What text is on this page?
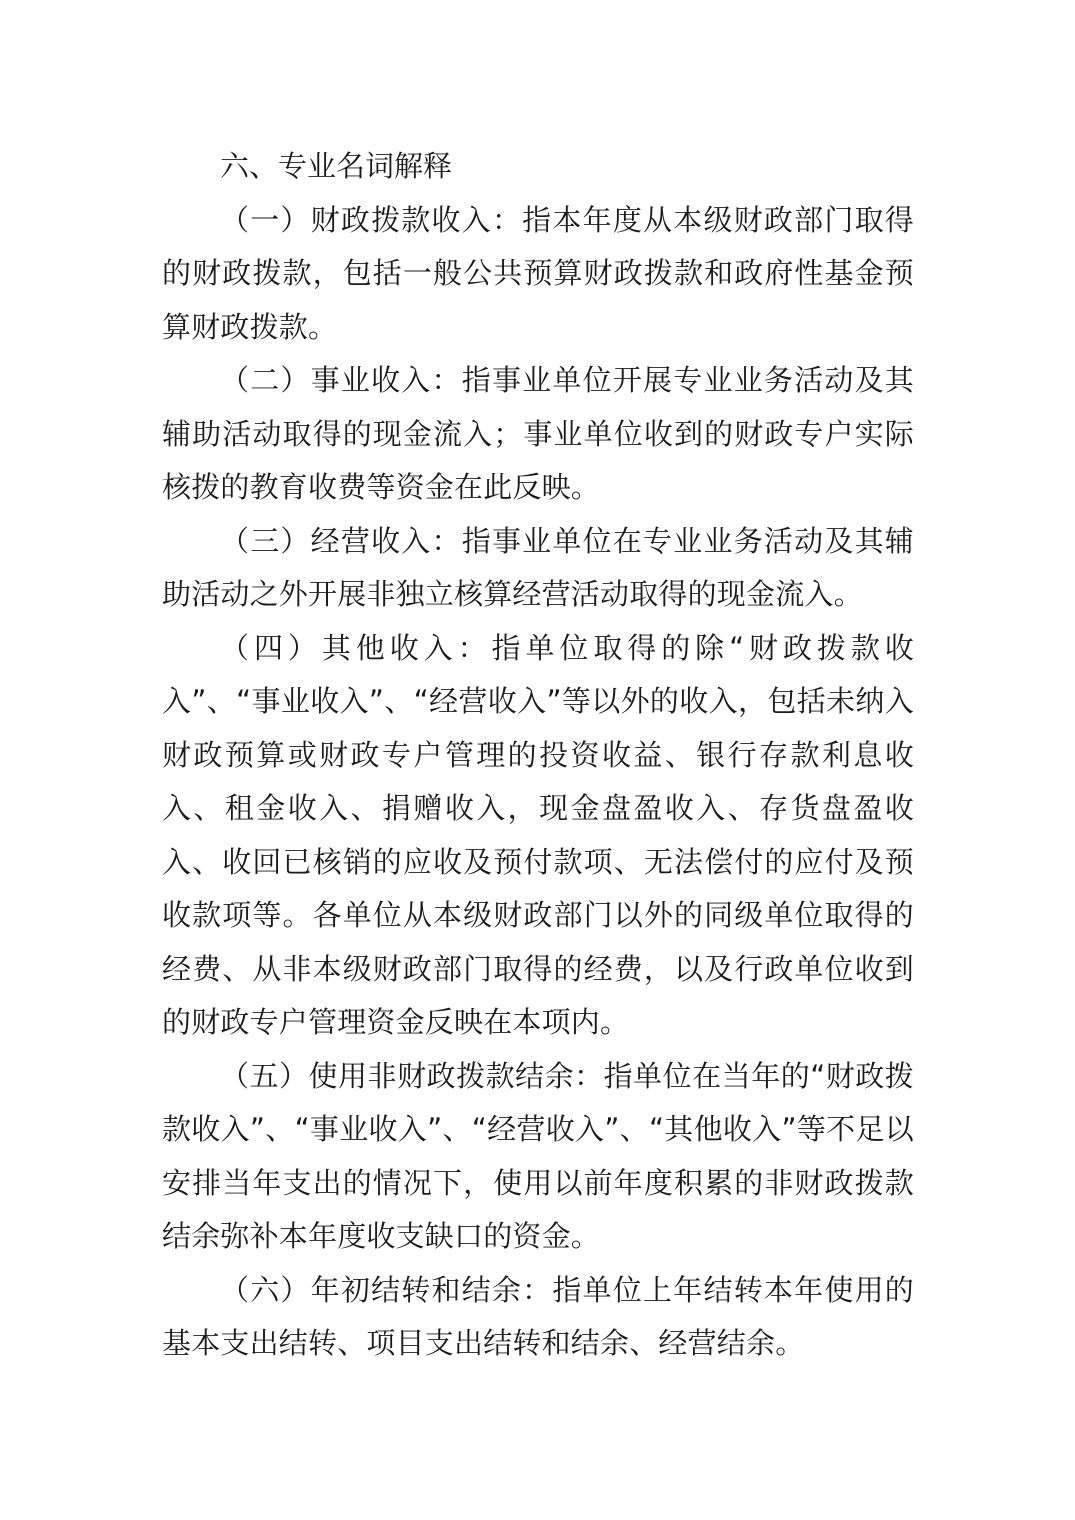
六、专业名词解释

（一）财政拨款收入：指本年度从本级财政部门取得的财政拨款，包括一般公共预算财政拨款和政府性基金预算财政拨款。

（二）事业收入：指事业单位开展专业业务活动及其辅助活动取得的现金流入；事业单位收到的财政专户实际核拨的教育收费等资金在此反映。

（三）经营收入：指事业单位在专业业务活动及其辅助活动之外开展非独立核算经营活动取得的现金流入。

（四）其他收入：指单位取得的除“财政拨款收入”、“事业收入”、“经营收入”等以外的收入，包括未纳入财政预算或财政专户管理的投资收益、银行存款利息收入、租金收入、捐赠收入，现金盘盈收入、存货盘盈收入、收回已核销的应收及预付款项、无法偿付的应付及预收款项等。各单位从本级财政部门以外的同级单位取得的经费、从非本级财政部门取得的经费，以及行政单位收到的财政专户管理资金反映在本项内。

（五）使用非财政拨款结余：指单位在当年的“财政拨款收入”、“事业收入”、“经营收入”、“其他收入”等不足以安排当年支出的情况下，使用以前年度积累的非财政拨款结余弥补本年度收支缺口的资金。

（六）年初结转和结余：指单位上年结转本年使用的基本支出结转、项目支出结转和结余、经营结余。
